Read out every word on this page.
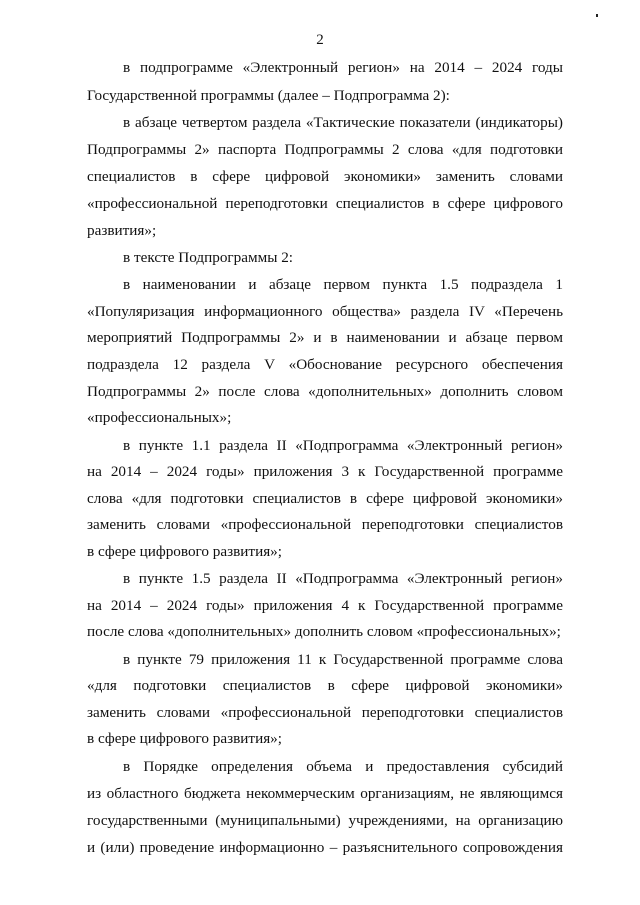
2
в подпрограмме «Электронный регион» на 2014 – 2024 годы
Государственной программы (далее – Подпрограмма 2):
в абзаце четвертом раздела «Тактические показатели (индикаторы)
Подпрограммы 2» паспорта Подпрограммы 2 слова «для подготовки
специалистов в сфере цифровой экономики» заменить словами
«профессиональной переподготовки специалистов в сфере цифрового
развития»;
в тексте Подпрограммы 2:
в наименовании и абзаце первом пункта 1.5 подраздела 1
«Популяризация информационного общества» раздела IV «Перечень
мероприятий Подпрограммы 2» и в наименовании и абзаце первом
подраздела 12 раздела V «Обоснование ресурсного обеспечения
Подпрограммы 2» после слова «дополнительных» дополнить словом
«профессиональных»;
в пункте 1.1 раздела II «Подпрограмма «Электронный регион»
на 2014 – 2024 годы» приложения 3 к Государственной программе
слова «для подготовки специалистов в сфере цифровой экономики»
заменить словами «профессиональной переподготовки специалистов
в сфере цифрового развития»;
в пункте 1.5 раздела II «Подпрограмма «Электронный регион»
на 2014 – 2024 годы» приложения 4 к Государственной программе
после слова «дополнительных» дополнить словом «профессиональных»;
в пункте 79 приложения 11 к Государственной программе слова
«для подготовки специалистов в сфере цифровой экономики»
заменить словами «профессиональной переподготовки специалистов
в сфере цифрового развития»;
в Порядке определения объема и предоставления субсидий
из областного бюджета некоммерческим организациям, не являющимся
государственными (муниципальными) учреждениями, на организацию
и (или) проведение информационно – разъяснительного сопровождения
